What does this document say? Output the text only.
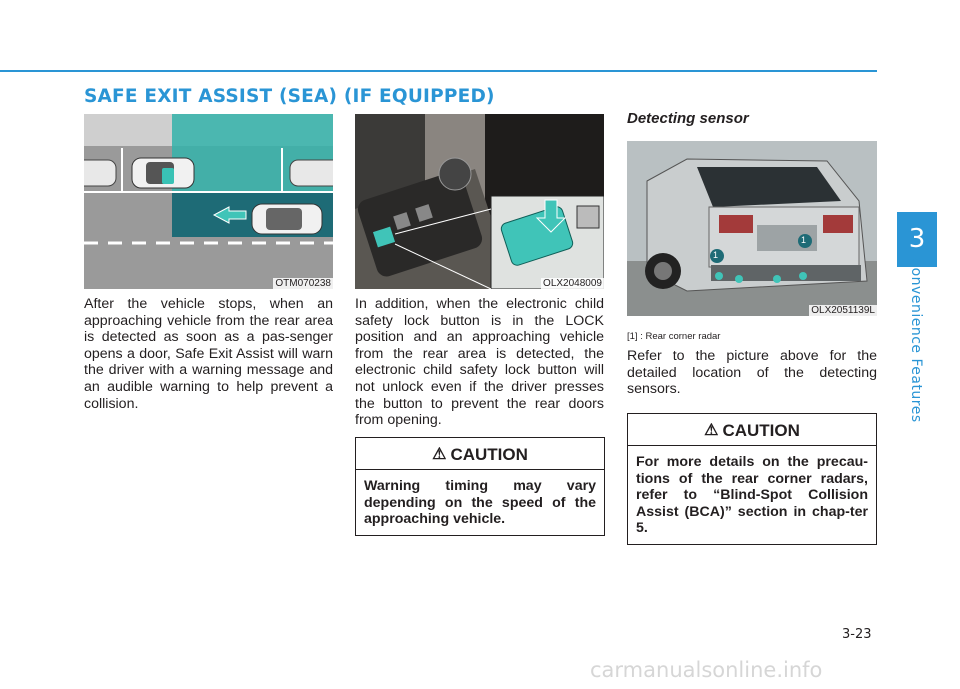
SAFE EXIT ASSIST (SEA) (IF EQUIPPED)
3
Convenience Features
OTM070238
After the vehicle stops, when an approaching vehicle from the rear area is detected as soon as a pas-senger opens a door, Safe Exit Assist will warn the driver with a warning message and an audible warning to help prevent a collision.
OLX2048009
In addition, when the electronic child safety lock button is in the LOCK position and an approaching vehicle from the rear area is detected, the electronic child safety lock button will not unlock even if the driver presses the button to prevent the rear doors from opening.
⚠ CAUTION
Warning timing may vary depending on the speed of the approaching vehicle.
Detecting sensor
1
1
OLX2051139L
[1] : Rear corner radar
Refer to the picture above for the detailed location of the detecting sensors.
⚠ CAUTION
For more details on the precau-tions of the rear corner radars, refer to “Blind-Spot Collision Assist (BCA)” section in chap-ter 5.
3-23
carmanualsonline.info
